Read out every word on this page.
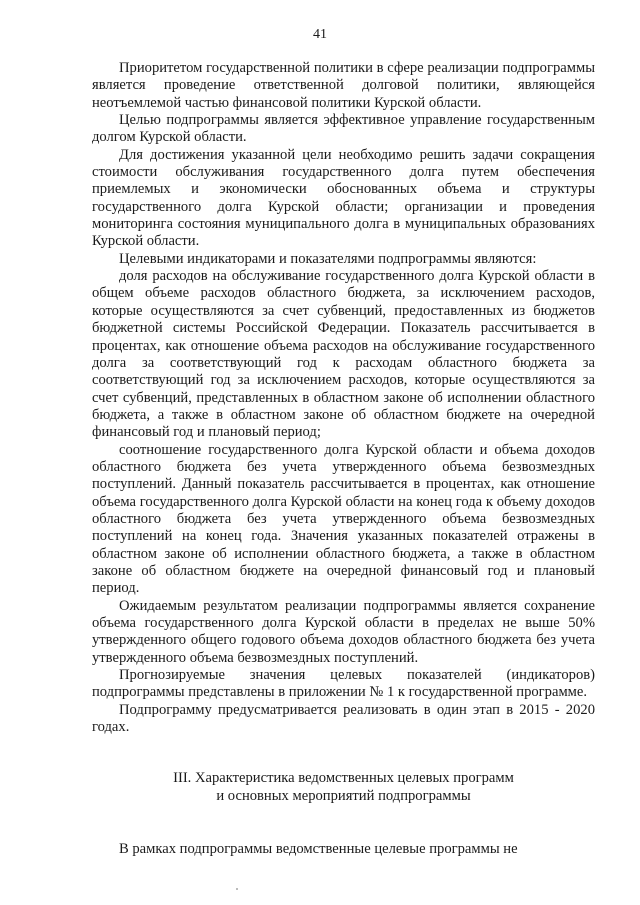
41

Приоритетом государственной политики в сфере реализации подпрограммы является проведение ответственной долговой политики, являющейся неотъемлемой частью финансовой политики Курской области.

Целью подпрограммы является эффективное управление государственным долгом Курской области.

Для достижения указанной цели необходимо решить задачи сокращения стоимости обслуживания государственного долга путем обеспечения приемлемых и экономически обоснованных объема и структуры государственного долга Курской области; организации и проведения мониторинга состояния муниципального долга в муниципальных образованиях Курской области.

Целевыми индикаторами и показателями подпрограммы являются:

доля расходов на обслуживание государственного долга Курской области в общем объеме расходов областного бюджета, за исключением расходов, которые осуществляются за счет субвенций, предоставленных из бюджетов бюджетной системы Российской Федерации. Показатель рассчитывается в процентах, как отношение объема расходов на обслуживание государственного долга за соответствующий год к расходам областного бюджета за соответствующий год за исключением расходов, которые осуществляются за счет субвенций, представленных в областном законе об исполнении областного бюджета, а также в областном законе об областном бюджете на очередной финансовый год и плановый период;

соотношение государственного долга Курской области и объема доходов областного бюджета без учета утвержденного объема безвозмездных поступлений. Данный показатель рассчитывается в процентах, как отношение объема государственного долга Курской области на конец года к объему доходов областного бюджета без учета утвержденного объема безвозмездных поступлений на конец года. Значения указанных показателей отражены в областном законе об исполнении областного бюджета, а также в областном законе об областном бюджете на очередной финансовый год и плановый период.

Ожидаемым результатом реализации подпрограммы является сохранение объема государственного долга Курской области в пределах не выше 50% утвержденного общего годового объема доходов областного бюджета без учета утвержденного объема безвозмездных поступлений.

Прогнозируемые значения целевых показателей (индикаторов) подпрограммы представлены в приложении № 1 к государственной программе.

Подпрограмму предусматривается реализовать в один этап в 2015 - 2020 годах.

III. Характеристика ведомственных целевых программ
и основных мероприятий подпрограммы

В рамках подпрограммы ведомственные целевые программы не
